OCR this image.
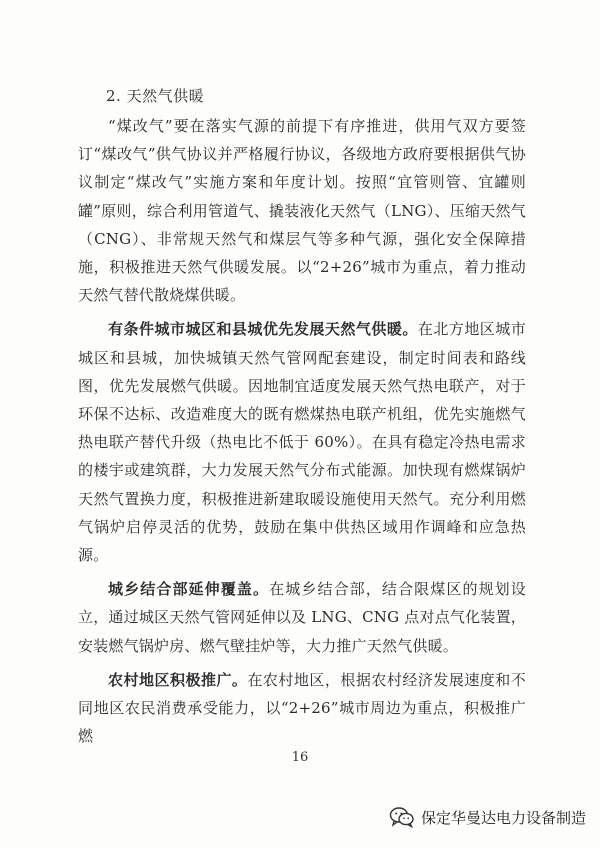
2. 天然气供暖

“煤改气”要在落实气源的前提下有序推进，供用气双方要签订“煤改气”供气协议并严格履行协议，各级地方政府要根据供气协议制定“煤改气”实施方案和年度计划。按照“宜管则管、宜罐则罐”原则，综合利用管道气、撬装液化天然气（LNG）、压缩天然气（CNG）、非常规天然气和煤层气等多种气源，强化安全保障措施，积极推进天然气供暖发展。以“2+26”城市为重点，着力推动天然气替代散烧煤供暖。

有条件城市城区和县城优先发展天然气供暖。在北方地区城市城区和县城，加快城镇天然气管网配套建设，制定时间表和路线图，优先发展燃气供暖。因地制宜适度发展天然气热电联产，对于环保不达标、改造难度大的既有燃煤热电联产机组，优先实施燃气热电联产替代升级（热电比不低于 60%）。在具有稳定冷热电需求的楼宇或建筑群，大力发展天然气分布式能源。加快现有燃煤锅炉天然气置换力度，积极推进新建取暖设施使用天然气。充分利用燃气锅炉启停灵活的优势，鼓励在集中供热区域用作调峰和应急热源。

城乡结合部延伸覆盖。在城乡结合部，结合限煤区的规划设立，通过城区天然气管网延伸以及 LNG、CNG 点对点气化装置，安装燃气锅炉房、燃气壁挂炉等，大力推广天然气供暖。

农村地区积极推广。在农村地区，根据农村经济发展速度和不同地区农民消费承受能力，以“2+26”城市周边为重点，积极推广燃

16
保定华曼达电力设备制造
